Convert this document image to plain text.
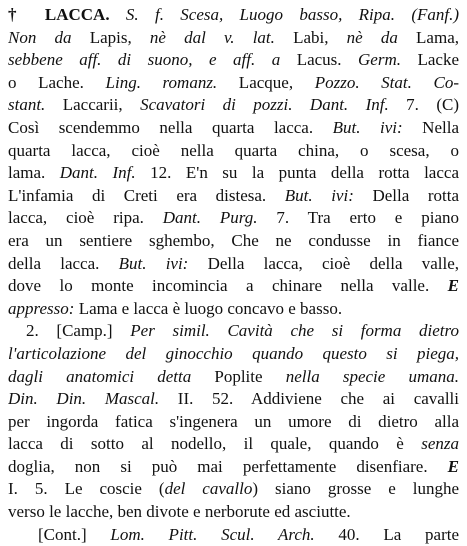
† LACCA. S. f. Scesa, Luogo basso, Ripa. (Fanf.)
Non da Lapis, nè dal v. lat. Labi, nè da Lama,
sebbene aff. di suono, e aff. a Lacus. Germ. Lacke
o Lache. Ling. romanz. Lacque, Pozzo. Stat. Co-
stant. Laccarii, Scavatori di pozzi. Dant. Inf. 7. (C)
Così scendemmo nella quarta lacca. But. ivi: Nella
quarta lacca, cioè nella quarta china, o scesa, o
lama. Dant. Inf. 12. E'n su la punta della rotta lacca
L'infamia di Creti era distesa. But. ivi: Della rotta
lacca, cioè ripa. Dant. Purg. 7. Tra erto e piano
era un sentiere sghembo, Che ne condusse in fiance
della lacca. But. ivi: Della lacca, cioè della valle,
dove lo monte incomincia a chinare nella valle. E
appresso: Lama e lacca è luogo concavo e basso.
2. [Camp.] Per simil. Cavità che si forma dietro
l'articolazione del ginocchio quando questo si piega,
dagli anatomici detta Poplite nella specie umana.
Din. Din. Mascal. II. 52. Addiviene che ai cavalli
per ingorda fatica s'ingenera un umore di dietro alla
lacca di sotto al nodello, il quale, quando è senza
doglia, non si può mai perfettamente disenfiare. E
I. 5. Le coscie (del cavallo) siano grosse e lunghe
verso le lacche, ben divote e nerborute ed asciutte.
[Cont.] Lom. Pitt. Scul. Arch. 40. La parte
